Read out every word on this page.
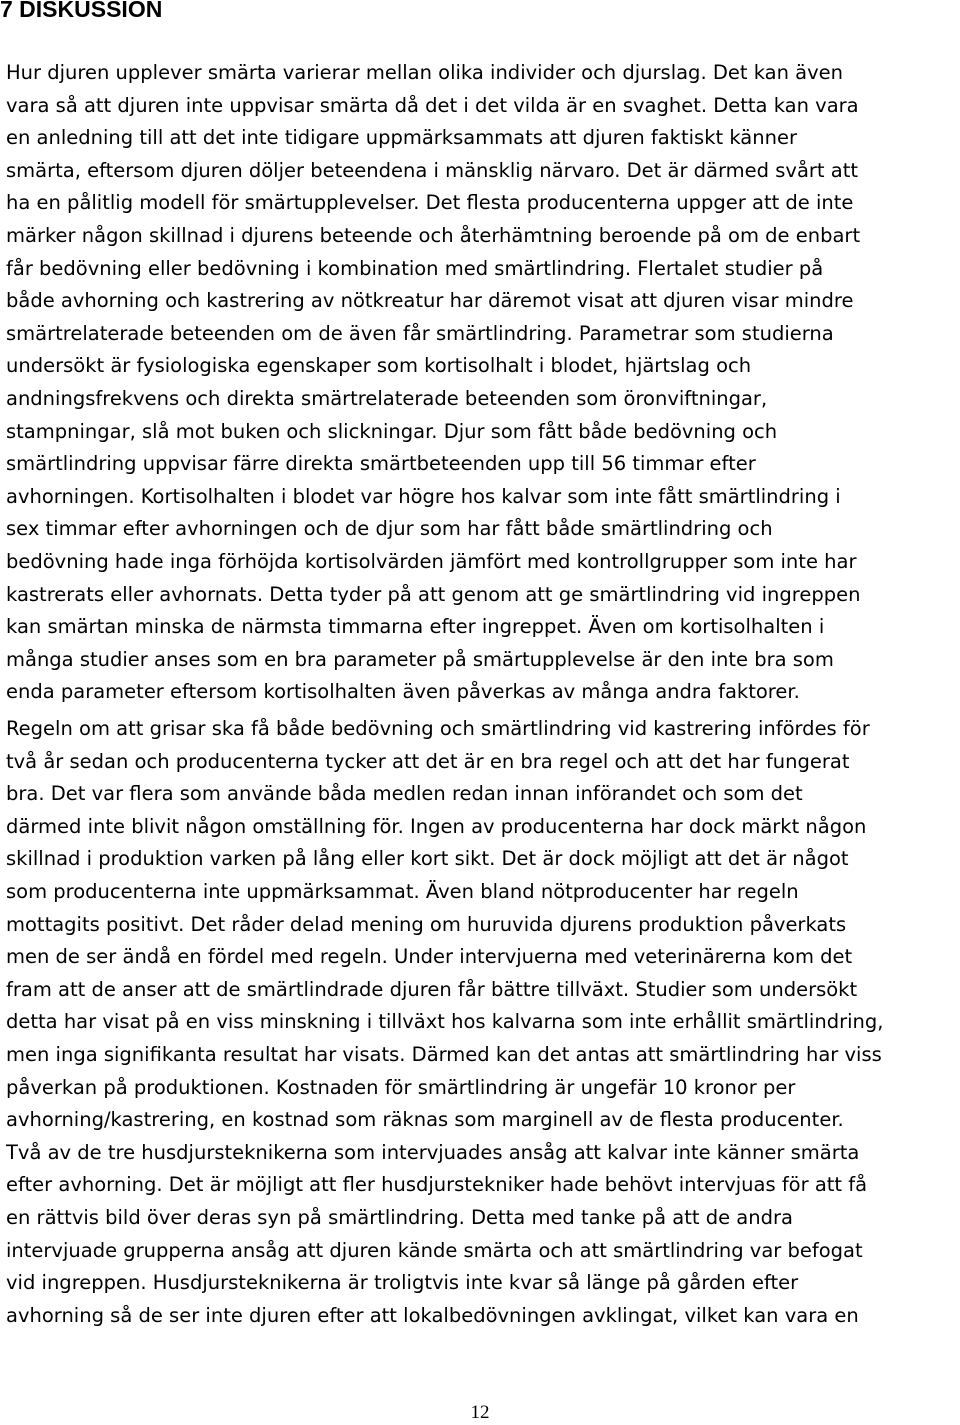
7 DISKUSSION

Hur djuren upplever smärta varierar mellan olika individer och djurslag. Det kan även
vara så att djuren inte uppvisar smärta då det i det vilda är en svaghet. Detta kan vara
en anledning till att det inte tidigare uppmärksammats att djuren faktiskt känner
smärta, eftersom djuren döljer beteendena i mänsklig närvaro. Det är därmed svårt att
ha en pålitlig modell för smärtupplevelser. Det flesta producenterna uppger att de inte
märker någon skillnad i djurens beteende och återhämtning beroende på om de enbart
får bedövning eller bedövning i kombination med smärtlindring. Flertalet studier på
både avhorning och kastrering av nötkreatur har däremot visat att djuren visar mindre
smärtrelaterade beteenden om de även får smärtlindring. Parametrar som studierna
undersökt är fysiologiska egenskaper som kortisolhalt i blodet, hjärtslag och
andningsfrekvens och direkta smärtrelaterade beteenden som öronviftningar,
stampningar, slå mot buken och slickningar. Djur som fått både bedövning och
smärtlindring uppvisar färre direkta smärtbeteenden upp till 56 timmar efter
avhorningen. Kortisolhalten i blodet var högre hos kalvar som inte fått smärtlindring i
sex timmar efter avhorningen och de djur som har fått både smärtlindring och
bedövning hade inga förhöjda kortisolvärden jämfört med kontrollgrupper som inte har
kastrerats eller avhornats. Detta tyder på att genom att ge smärtlindring vid ingreppen
kan smärtan minska de närmsta timmarna efter ingreppet. Även om kortisolhalten i
många studier anses som en bra parameter på smärtupplevelse är den inte bra som
enda parameter eftersom kortisolhalten även påverkas av många andra faktorer.

Regeln om att grisar ska få både bedövning och smärtlindring vid kastrering infördes för
två år sedan och producenterna tycker att det är en bra regel och att det har fungerat
bra. Det var flera som använde båda medlen redan innan införandet och som det
därmed inte blivit någon omställning för. Ingen av producenterna har dock märkt någon
skillnad i produktion varken på lång eller kort sikt. Det är dock möjligt att det är något
som producenterna inte uppmärksammat. Även bland nötproducenter har regeln
mottagits positivt. Det råder delad mening om huruvida djurens produktion påverkats
men de ser ändå en fördel med regeln. Under intervjuerna med veterinärerna kom det
fram att de anser att de smärtlindrade djuren får bättre tillväxt. Studier som undersökt
detta har visat på en viss minskning i tillväxt hos kalvarna som inte erhållit smärtlindring,
men inga signifikanta resultat har visats. Därmed kan det antas att smärtlindring har viss
påverkan på produktionen. Kostnaden för smärtlindring är ungefär 10 kronor per
avhorning/kastrering, en kostnad som räknas som marginell av de flesta producenter.
Två av de tre husdjursteknikerna som intervjuades ansåg att kalvar inte känner smärta
efter avhorning. Det är möjligt att fler husdjurstekniker hade behövt intervjuas för att få
en rättvis bild över deras syn på smärtlindring. Detta med tanke på att de andra
intervjuade grupperna ansåg att djuren kände smärta och att smärtlindring var befogat
vid ingreppen. Husdjursteknikerna är troligtvis inte kvar så länge på gården efter
avhorning så de ser inte djuren efter att lokalbedövningen avklingat, vilket kan vara en

12
